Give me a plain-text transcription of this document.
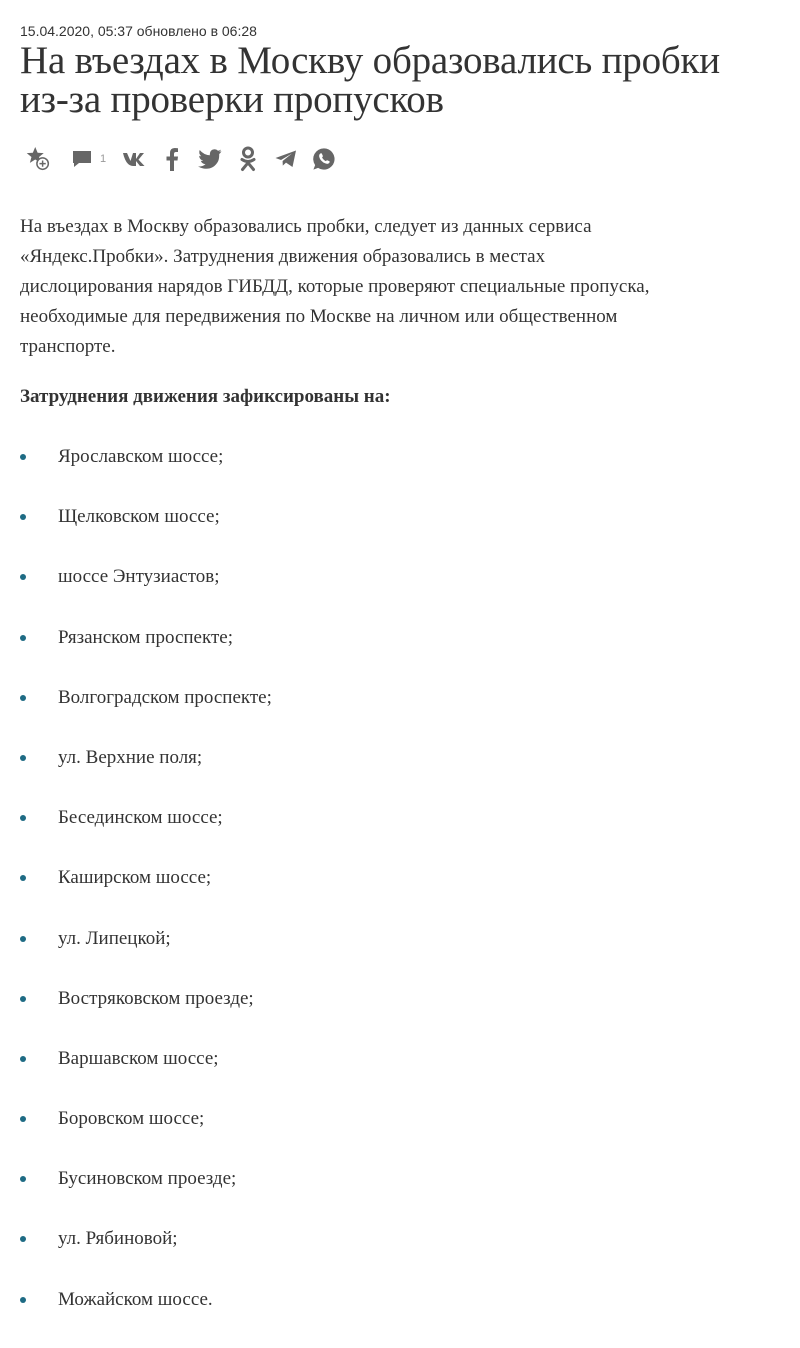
15.04.2020, 05:37 обновлено в 06:28
На въездах в Москву образовались пробки
из-за проверки пропусков
1

На въездах в Москву образовались пробки, следует из данных сервиса
«Яндекс.Пробки». Затруднения движения образовались в местах
дислоцирования нарядов ГИБДД, которые проверяют специальные пропуска,
необходимые для передвижения по Москве на личном или общественном
транспорте.

Затруднения движения зафиксированы на:
Ярославском шоссе;
Щелковском шоссе;
шоссе Энтузиастов;
Рязанском проспекте;
Волгоградском проспекте;
ул. Верхние поля;
Бесединском шоссе;
Каширском шоссе;
ул. Липецкой;
Востряковском проезде;
Варшавском шоссе;
Боровском шоссе;
Бусиновском проезде;
ул. Рябиновой;
Можайском шоссе.
